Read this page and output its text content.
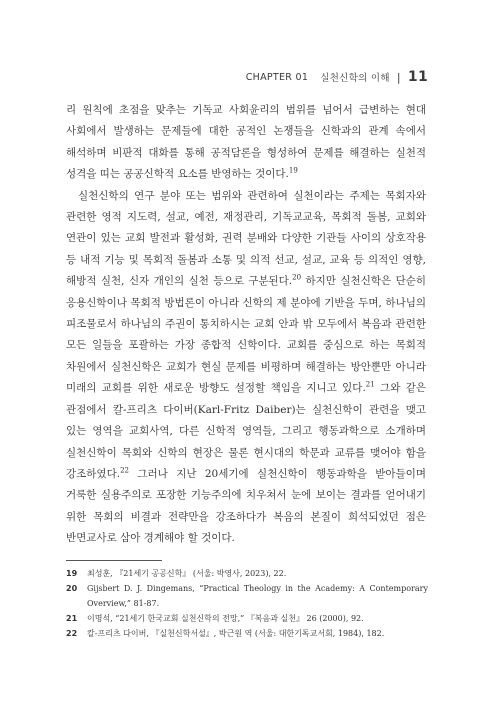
CHAPTER 01 실천신학의 이해 | 11

리 원칙에 초점을 맞추는 기독교 사회윤리의 범위를 넘어서 급변하는 현대 사회에서 발생하는 문제들에 대한 공적인 논쟁들을 신학과의 관계 속에서 해석하며 비판적 대화를 통해 공적담론을 형성하여 문제를 해결하는 실천적 성격을 띠는 공공신학적 요소를 반영하는 것이다.$^{19}$

실천신학의 연구 분야 또는 범위와 관련하여 실천이라는 주제는 목회자와 관련한 영적 지도력, 설교, 예전, 재정관리, 기독교교육, 목회적 돌봄, 교회와 연관이 있는 교회 발전과 활성화, 권력 분배와 다양한 기관들 사이의 상호작용 등 내적 기능 및 목회적 돌봄과 소통 및 의적 선교, 설교, 교육 등 의적인 영향, 해방적 실천, 신자 개인의 실천 등으로 구분된다.$^{20}$ 하지만 실천신학은 단순히 응용신학이나 목회적 방법론이 아니라 신학의 제 분야에 기반을 두며, 하나님의 피조물로서 하나님의 주권이 통치하시는 교회 안과 밖 모두에서 복음과 관련한 모든 일들을 포괄하는 가장 종합적 신학이다. 교회를 중심으로 하는 목회적 차원에서 실천신학은 교회가 현실 문제를 비평하며 해결하는 방안뿐만 아니라 미래의 교회를 위한 새로운 방향도 설정할 책임을 지니고 있다.$^{21}$ 그와 같은 관점에서 칼-프리츠 다이버(Karl-Fritz Daiber)는 실천신학이 관련을 맺고 있는 영역을 교회사역, 다른 신학적 영역들, 그리고 행동과학으로 소개하며 실천신학이 목회와 신학의 현장은 물론 현시대의 학문과 교류를 맺어야 함을 강조하였다.$^{22}$ 그러나 지난 20세기에 실천신학이 행동과학을 받아들이며 거룩한 실용주의로 포장한 기능주의에 치우쳐서 눈에 보이는 결과를 얻어내기 위한 목회의 비결과 전략만을 강조하다가 복음의 본질이 희석되었던 점은 반면교사로 삼아 경계해야 할 것이다.

19	최성훈, 『21세기 공공신학』 (서울: 박영사, 2023), 22.
20	Gijsbert D. J. Dingemans, “Practical Theology in the Academy: A Contemporary Overview,” 81-87.
21	이명석, “21세기 한국교회 실천신학의 전망,” 『복음과 실천』 26 (2000), 92.
22	칼-프리츠 다이버, 『실천신학서설』, 박근원 역 (서울: 대한기독교서회, 1984), 182.
